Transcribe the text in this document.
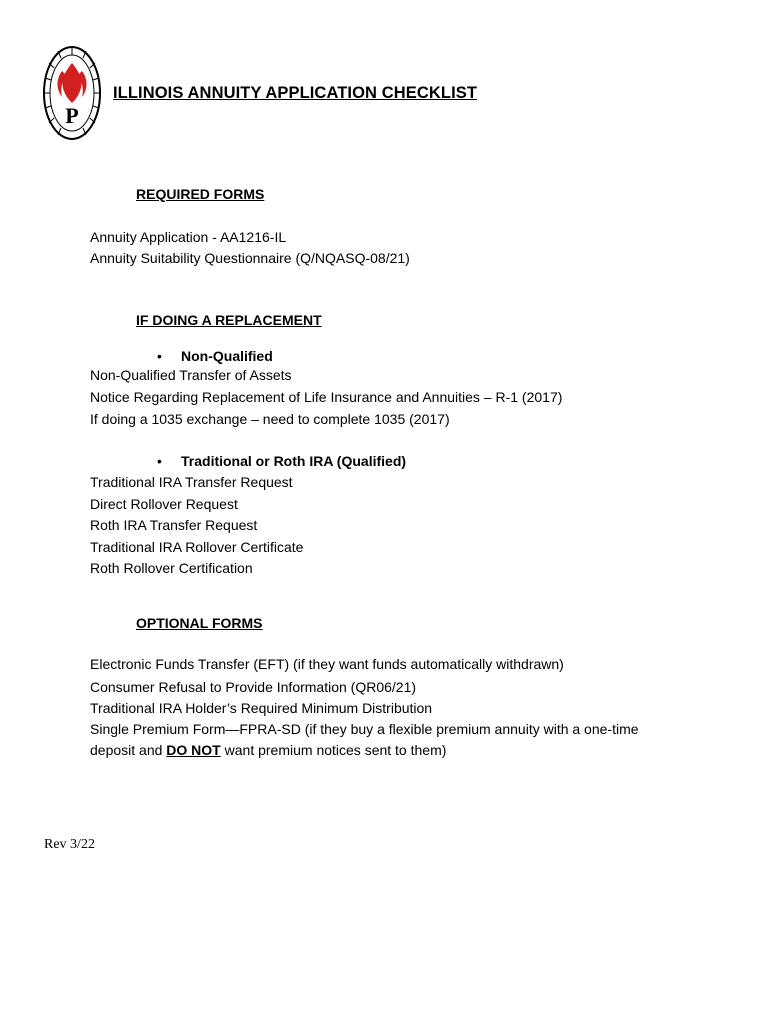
P
ILLINOIS ANNUITY APPLICATION CHECKLIST
REQUIRED FORMS
Annuity Application - AA1216-IL
Annuity Suitability Questionnaire (Q/NQASQ-08/21)
IF DOING A REPLACEMENT
• Non-Qualified
Non-Qualified Transfer of Assets
Notice Regarding Replacement of Life Insurance and Annuities – R-1 (2017)
If doing a 1035 exchange – need to complete 1035 (2017)
• Traditional or Roth IRA (Qualified)
Traditional IRA Transfer Request
Direct Rollover Request
Roth IRA Transfer Request
Traditional IRA Rollover Certificate
Roth Rollover Certification
OPTIONAL FORMS
Electronic Funds Transfer (EFT) (if they want funds automatically withdrawn)
Consumer Refusal to Provide Information (QR06/21)
Traditional IRA Holder’s Required Minimum Distribution
Single Premium Form—FPRA-SD (if they buy a flexible premium annuity with a one-time
deposit and DO NOT want premium notices sent to them)
Rev 3/22
